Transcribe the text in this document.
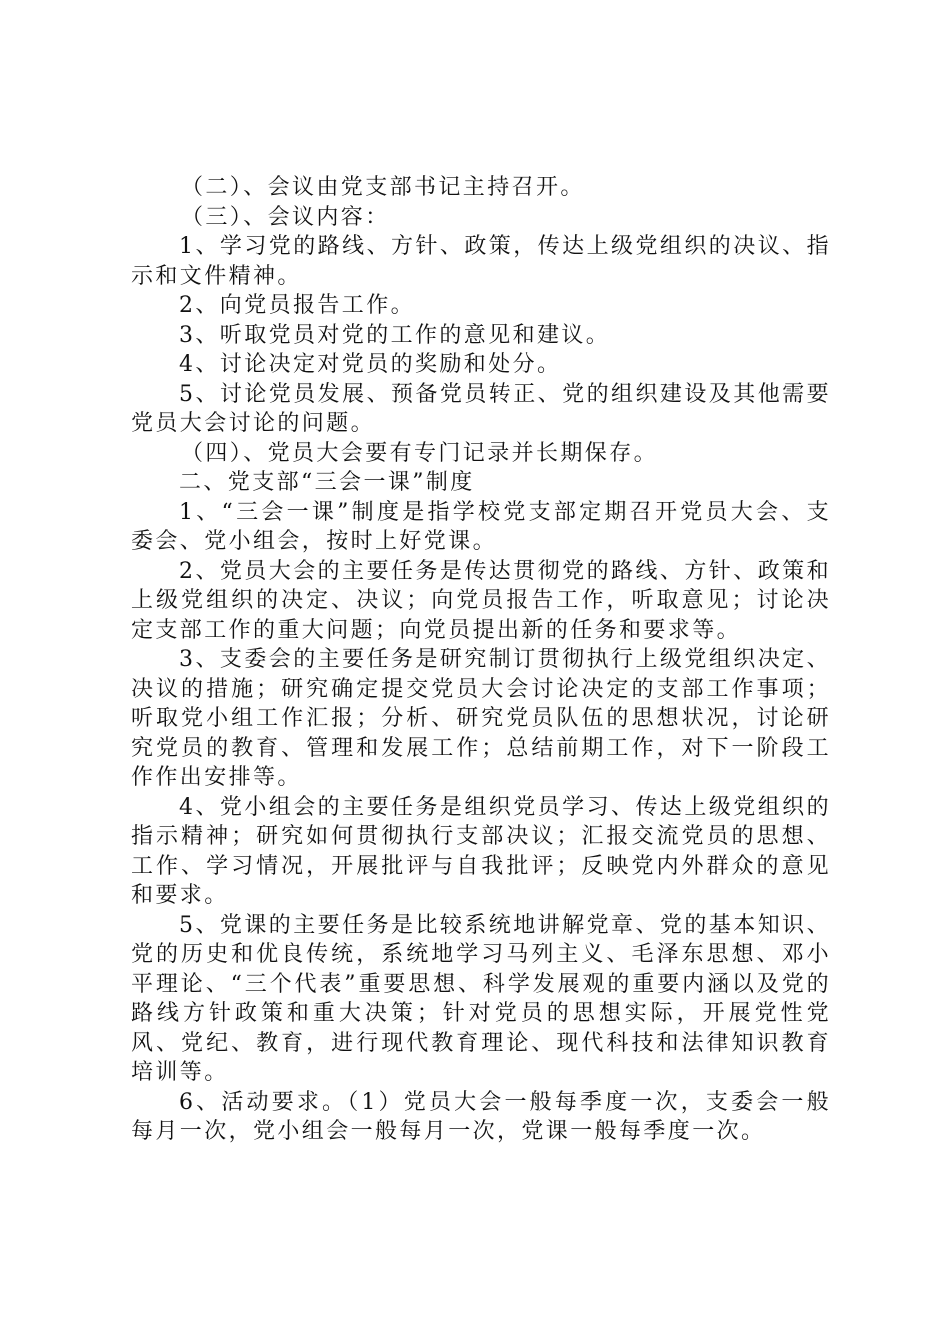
（二）、会议由党支部书记主持召开。

（三）、会议内容：

1、学习党的路线、方针、政策，传达上级党组织的决议、指示和文件精神。

2、向党员报告工作。

3、听取党员对党的工作的意见和建议。

4、讨论决定对党员的奖励和处分。

5、讨论党员发展、预备党员转正、党的组织建设及其他需要党员大会讨论的问题。

（四）、党员大会要有专门记录并长期保存。

二、党支部“三会一课”制度

1、“三会一课”制度是指学校党支部定期召开党员大会、支委会、党小组会，按时上好党课。

2、党员大会的主要任务是传达贯彻党的路线、方针、政策和上级党组织的决定、决议；向党员报告工作，听取意见；讨论决定支部工作的重大问题；向党员提出新的任务和要求等。

3、支委会的主要任务是研究制订贯彻执行上级党组织决定、决议的措施；研究确定提交党员大会讨论决定的支部工作事项；听取党小组工作汇报；分析、研究党员队伍的思想状况，讨论研究党员的教育、管理和发展工作；总结前期工作，对下一阶段工作作出安排等。

4、党小组会的主要任务是组织党员学习、传达上级党组织的指示精神；研究如何贯彻执行支部决议；汇报交流党员的思想、工作、学习情况，开展批评与自我批评；反映党内外群众的意见和要求。

5、党课的主要任务是比较系统地讲解党章、党的基本知识、党的历史和优良传统，系统地学习马列主义、毛泽东思想、邓小平理论、“三个代表”重要思想、科学发展观的重要内涵以及党的路线方针政策和重大决策；针对党员的思想实际，开展党性党风、党纪、教育，进行现代教育理论、现代科技和法律知识教育培训等。

6、活动要求。（1）党员大会一般每季度一次，支委会一般每月一次，党小组会一般每月一次，党课一般每季度一次。
